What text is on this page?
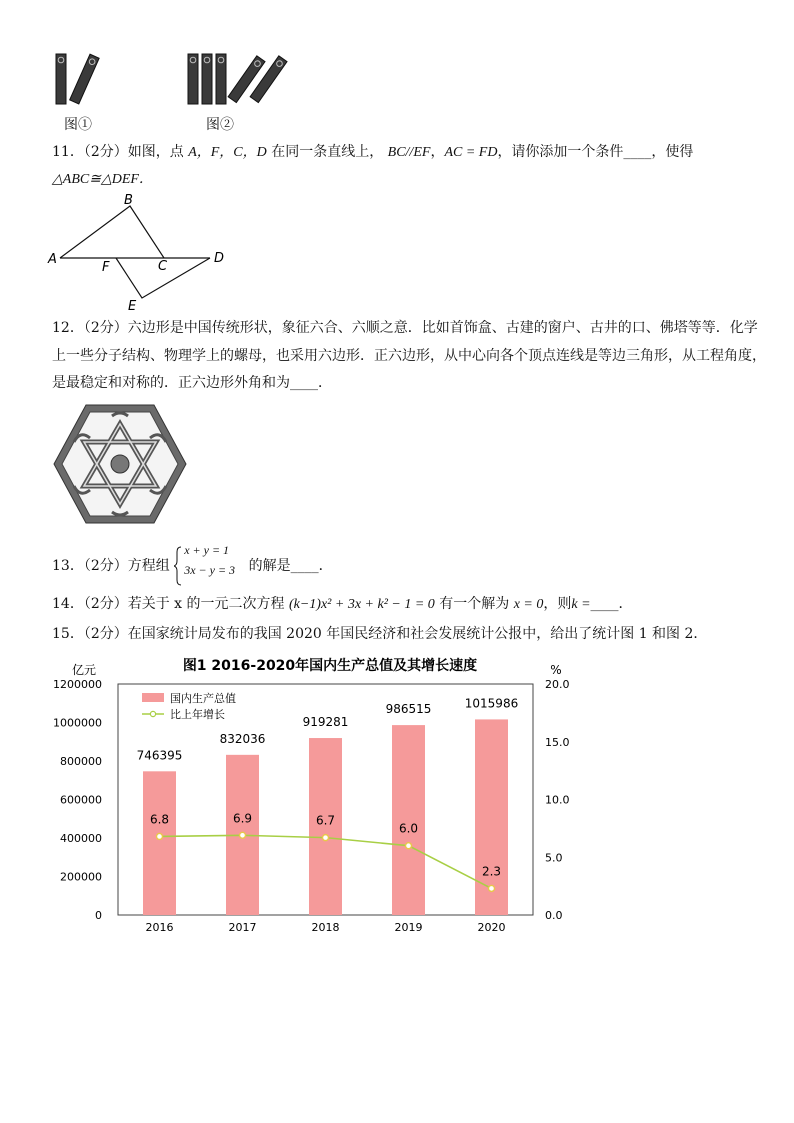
图①	图②
11．（2分）如图，点 A，F，C，D 在同一条直线上， BC//EF，AC = FD，请你添加一个条件____，使得
△ABC≅△DEF．
A
B
C
D
E
F
12．（2分）六边形是中国传统形状，象征六合、六顺之意．比如首饰盒、古建的窗户、古井的口、佛塔等等．化学
上一些分子结构、物理学上的螺母，也采用六边形．正六边形，从中心向各个顶点连线是等边三角形，从工程角度，
是最稳定和对称的．正六边形外角和为____．
13．（2分）方程组
x + y = 1
3x − y = 3 的解是____．
14．（2分）若关于 x 的一元二次方程 (k−1)x² + 3x + k² − 1 = 0 有一个解为 x = 0，则k =____．
15．（2分）在国家统计局发布的我国 2020 年国民经济和社会发展统计公报中，给出了统计图 1 和图 2．
图1 2016-2020年国内生产总值及其增长速度
亿元	%
0
200000
400000
600000
800000
1000000
1200000
0.0
5.0
10.0
15.0
20.0
746395
832036
919281
986515	1015986
6.8	6.9	6.7
6.0
2.3
2016	2017	2018	2019	2020
国内生产总值
比上年增长
